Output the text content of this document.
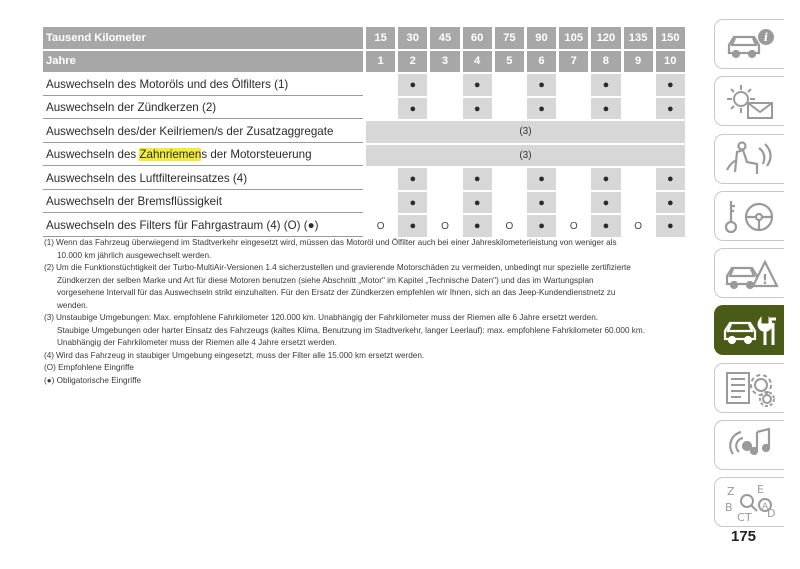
Tausend Kilometer	15	30	45	60	75	90	105	120	135	150
Jahre	1	2	3	4	5	6	7	8	9	10
Auswechseln des Motoröls und des Ölfilters (1)		●		●		●		●		●
Auswechseln der Zündkerzen (2)		●		●		●		●		●
Auswechseln des/der Keilriemen/s der Zusatzaggregate	(3)									
Auswechseln des Zahnriemens der Motorsteuerung	(3)									
Auswechseln des Luftfiltereinsatzes (4)		●		●		●		●		●
Auswechseln der Bremsflüssigkeit		●		●		●		●		●
Auswechseln des Filters für Fahrgastraum (4) (O) (●)	O	●	O	●	O	●	O	●	O	●
(1) Wenn das Fahrzeug überwiegend im Stadtverkehr eingesetzt wird, müssen das Motoröl und Ölfilter auch bei einer Jahreskilometerleistung von weniger als
10.000 km jährlich ausgewechselt werden.
(2) Um die Funktionstüchtigkeit der Turbo-MultiAir-Versionen 1.4 sicherzustellen und gravierende Motorschäden zu vermeiden, unbedingt nur spezielle zertifizierte
Zündkerzen der selben Marke und Art für diese Motoren benutzen (siehe Abschnitt „Motor" im Kapitel „Technische Daten") und das im Wartungsplan
vorgesehene Intervall für das Auswechseln strikt einzuhalten. Für den Ersatz der Zündkerzen empfehlen wir Ihnen, sich an das Jeep-Kundendienstnetz zu
wenden.
(3) Unstaubige Umgebungen: Max. empfohlene Fahrkilometer 120.000 km. Unabhängig der Fahrkilometer muss der Riemen alle 6 Jahre ersetzt werden.
Staubige Umgebungen oder harter Einsatz des Fahrzeugs (kaltes Klima, Benutzung im Stadtverkehr, langer Leerlauf): max. empfohlene Fahrkilometer 60.000 km.
Unabhängig der Fahrkilometer muss der Riemen alle 4 Jahre ersetzt werden.
(4) Wird das Fahrzeug in staubiger Umgebung eingesetzt, muss der Filter alle 15.000 km ersetzt werden.
(O) Empfohlene Eingriffe
( ● ) Obligatorische Eingriffe
i
!
Z E
B
C T D
A
175
